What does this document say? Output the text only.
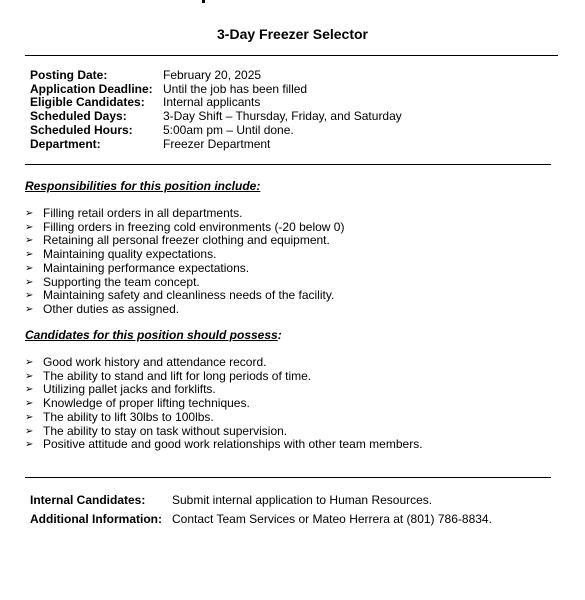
3-Day Freezer Selector
Posting Date:	February 20, 2025
Application Deadline: Until the job has been filled
Eligible Candidates:	Internal applicants
Scheduled Days:	3-Day Shift – Thursday, Friday, and Saturday
Scheduled Hours:	5:00am pm – Until done.
Department:	Freezer Department
Responsibilities for this position include:
➢ Filling retail orders in all departments.
➢ Filling orders in freezing cold environments (-20 below 0)
➢ Retaining all personal freezer clothing and equipment.
➢ Maintaining quality expectations.
➢ Maintaining performance expectations.
➢ Supporting the team concept.
➢ Maintaining safety and cleanliness needs of the facility.
➢ Other duties as assigned.
Candidates for this position should possess:
➢ Good work history and attendance record.
➢ The ability to stand and lift for long periods of time.
➢ Utilizing pallet jacks and forklifts.
➢ Knowledge of proper lifting techniques.
➢ The ability to lift 30lbs to 100lbs.
➢ The ability to stay on task without supervision.
➢ Positive attitude and good work relationships with other team members.
Internal Candidates:	Submit internal application to Human Resources.
Additional Information: Contact Team Services or Mateo Herrera at (801) 786-8834.
